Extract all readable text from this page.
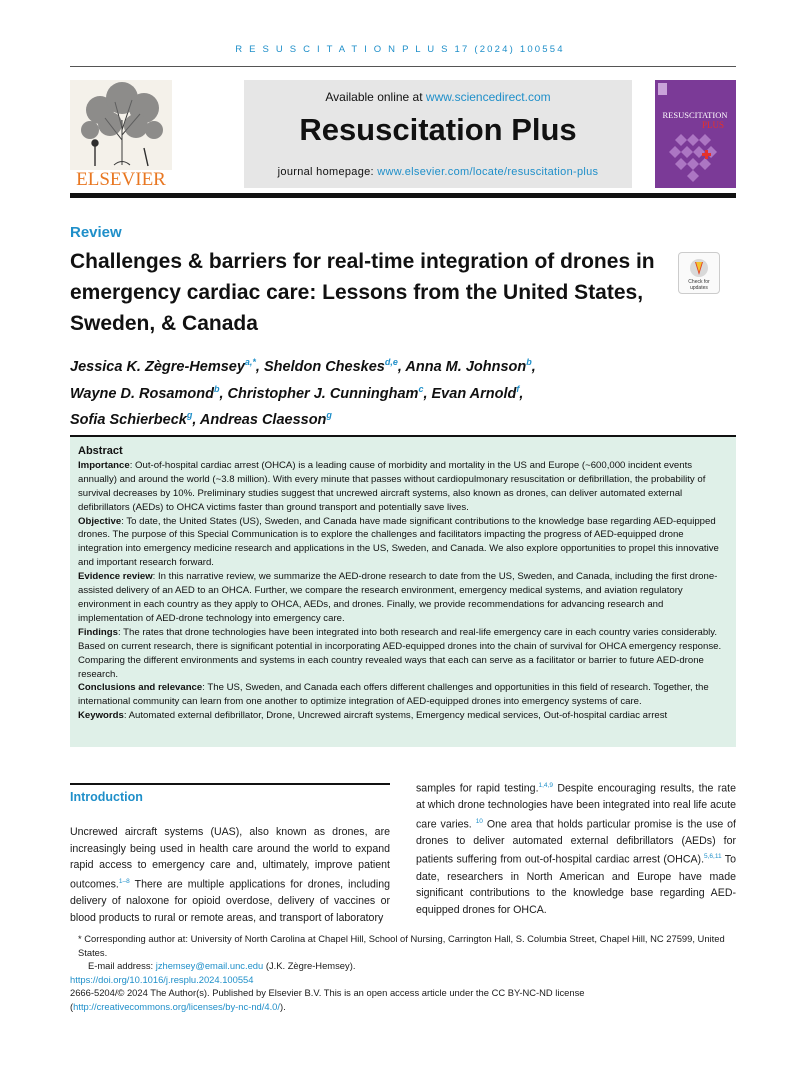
R E S U S C I T A T I O N P L U S 17 (2024) 100554
ELSEVIER
Available online at www.sciencedirect.com
Resuscitation Plus
journal homepage: www.elsevier.com/locate/resuscitation-plus
RESUSCITATION
PLUS
Review
Challenges & barriers for real-time integration of drones in emergency cardiac care: Lessons from the United States, Sweden, & Canada
Check for updates
Jessica K. Zègre-Hemsey$^{a,*}$, Sheldon Cheskes$^{d,e}$, Anna M. Johnson$^b$,
Wayne D. Rosamond$^b$, Christopher J. Cunningham$^c$, Evan Arnold$^f$,
Sofia Schierbeck$^g$, Andreas Claesson$^g$
Abstract

Importance: Out-of-hospital cardiac arrest (OHCA) is a leading cause of morbidity and mortality in the US and Europe (~600,000 incident events annually) and around the world (~3.8 million). With every minute that passes without cardiopulmonary resuscitation or defibrillation, the probability of survival decreases by 10%. Preliminary studies suggest that uncrewed aircraft systems, also known as drones, can deliver automated external defibrillators (AEDs) to OHCA victims faster than ground transport and potentially save lives.

Objective: To date, the United States (US), Sweden, and Canada have made significant contributions to the knowledge base regarding AED-equipped drones. The purpose of this Special Communication is to explore the challenges and facilitators impacting the progress of AED-equipped drone integration into emergency medicine research and applications in the US, Sweden, and Canada. We also explore opportunities to propel this innovative and important research forward.

Evidence review: In this narrative review, we summarize the AED-drone research to date from the US, Sweden, and Canada, including the first drone-assisted delivery of an AED to an OHCA. Further, we compare the research environment, emergency medical systems, and aviation regulatory environment in each country as they apply to OHCA, AEDs, and drones. Finally, we provide recommendations for advancing research and implementation of AED-drone technology into emergency care.

Findings: The rates that drone technologies have been integrated into both research and real-life emergency care in each country varies considerably. Based on current research, there is significant potential in incorporating AED-equipped drones into the chain of survival for OHCA emergency response. Comparing the different environments and systems in each country revealed ways that each can serve as a facilitator or barrier to future AED-drone research.

Conclusions and relevance: The US, Sweden, and Canada each offers different challenges and opportunities in this field of research. Together, the international community can learn from one another to optimize integration of AED-equipped drones into emergency systems of care.

Keywords: Automated external defibrillator, Drone, Uncrewed aircraft systems, Emergency medical services, Out-of-hospital cardiac arrest

Introduction
Uncrewed aircraft systems (UAS), also known as drones, are increasingly being used in health care around the world to expand rapid access to emergency care and, ultimately, improve patient outcomes.$^{1-8}$ There are multiple applications for drones, including delivery of naloxone for opioid overdose, delivery of vaccines or blood products to rural or remote areas, and transport of laboratory
samples for rapid testing.$^{1,4,9}$ Despite encouraging results, the rate at which drone technologies have been integrated into real life acute care varies. $^{10}$ One area that holds particular promise is the use of drones to deliver automated external defibrillators (AEDs) for patients suffering from out-of-hospital cardiac arrest (OHCA).$^{5,6,11}$ To date, researchers in North American and Europe have made significant contributions to the knowledge base regarding AED-equipped drones for OHCA.

* Corresponding author at: University of North Carolina at Chapel Hill, School of Nursing, Carrington Hall, S. Columbia Street, Chapel Hill, NC 27599, United States.

E-mail address: jzhemsey@email.unc.edu (J.K. Zègre-Hemsey).

https://doi.org/10.1016/j.resplu.2024.100554

2666-5204/© 2024 The Author(s). Published by Elsevier B.V. This is an open access article under the CC BY-NC-ND license (http://creativecommons.org/licenses/by-nc-nd/4.0/).
